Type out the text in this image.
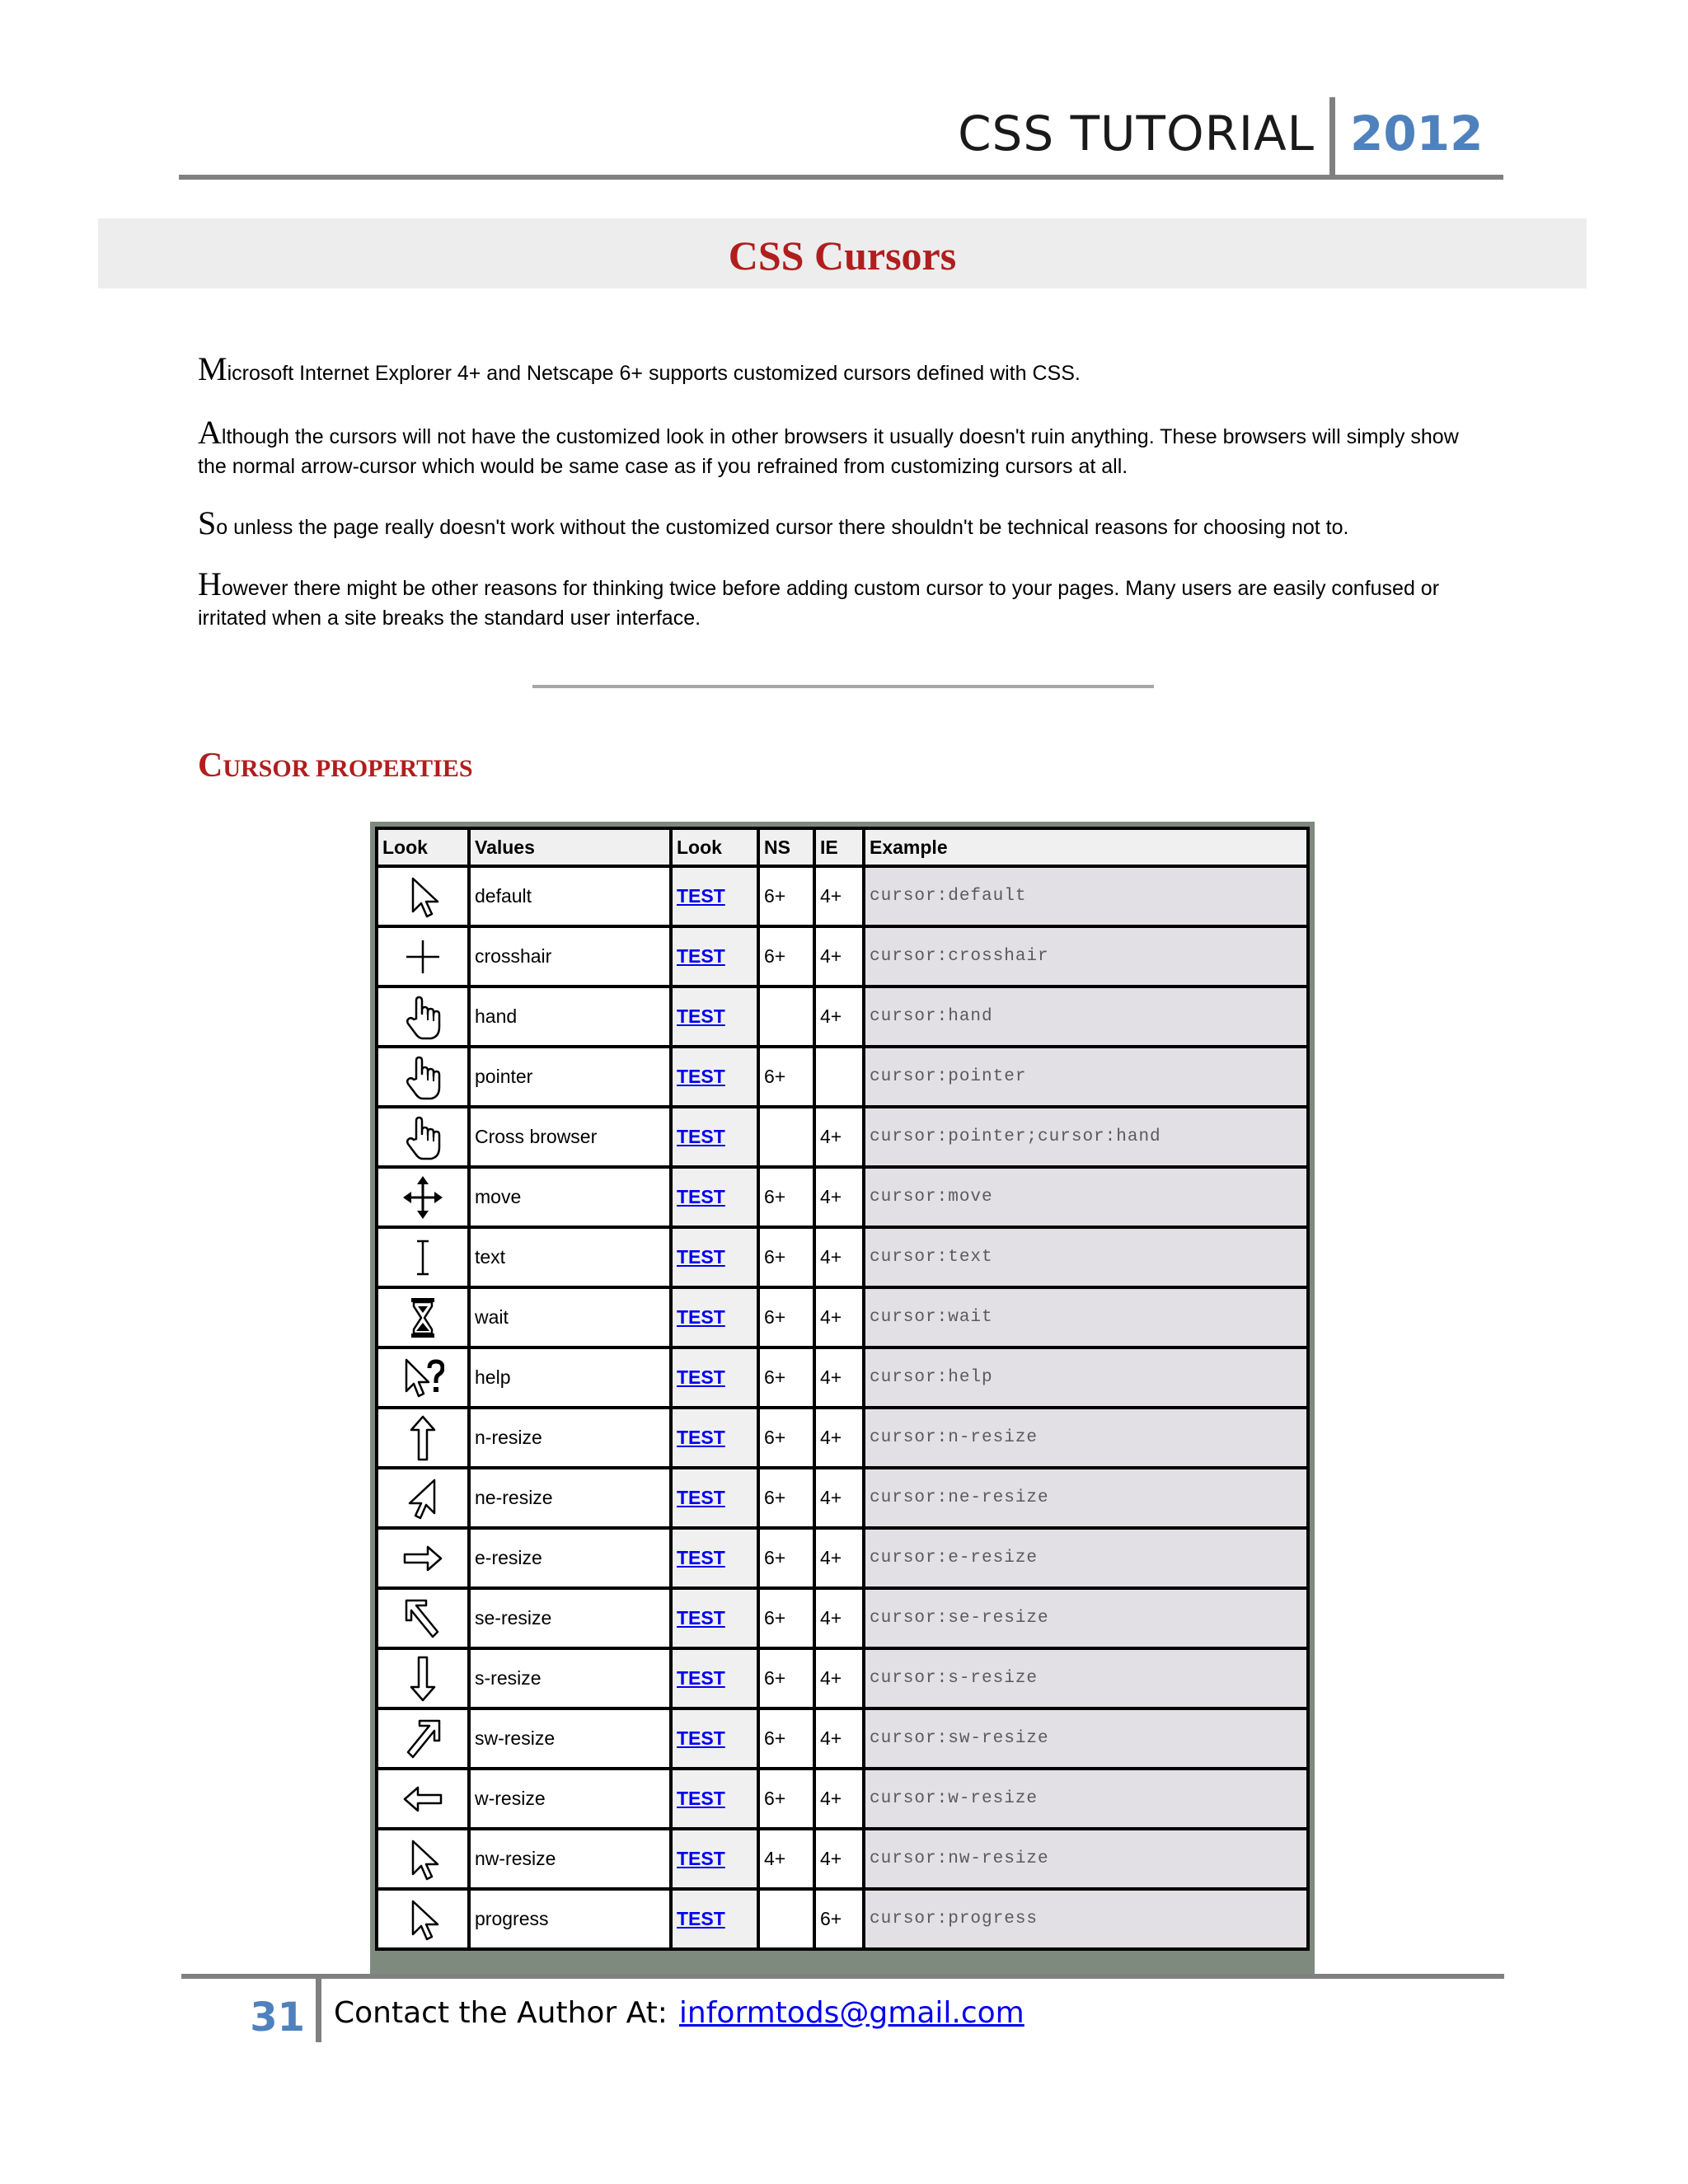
CSS TUTORIAL 2012
CSS Cursors
Microsoft Internet Explorer 4+ and Netscape 6+ supports customized cursors defined with CSS.
Although the cursors will not have the customized look in other browsers it usually doesn't ruin anything. These browsers will simply show the normal arrow-cursor which would be same case as if you refrained from customizing cursors at all.
So unless the page really doesn't work without the customized cursor there shouldn't be technical reasons for choosing not to.
However there might be other reasons for thinking twice before adding custom cursor to your pages. Many users are easily confused or irritated when a site breaks the standard user interface.
CURSOR PROPERTIES
Look	Values	Look	NS	IE	Example

	default	TEST	6+	4+	cursor:default

	crosshair	TEST	6+	4+	cursor:crosshair

	hand	TEST		4+	cursor:hand

	pointer	TEST	6+		cursor:pointer

	Cross browser	TEST		4+	cursor:pointer;cursor:hand

	move	TEST	6+	4+	cursor:move

	text	TEST	6+	4+	cursor:text

	wait	TEST	6+	4+	cursor:wait

	help	TEST	6+	4+	cursor:help

	n-resize	TEST	6+	4+	cursor:n-resize

	ne-resize	TEST	6+	4+	cursor:ne-resize

	e-resize	TEST	6+	4+	cursor:e-resize

	se-resize	TEST	6+	4+	cursor:se-resize

	s-resize	TEST	6+	4+	cursor:s-resize

	sw-resize	TEST	6+	4+	cursor:sw-resize

	w-resize	TEST	6+	4+	cursor:w-resize

	nw-resize	TEST	4+	4+	cursor:nw-resize

	progress	TEST		6+	cursor:progress
31 Contact the Author At: informtods@gmail.com
